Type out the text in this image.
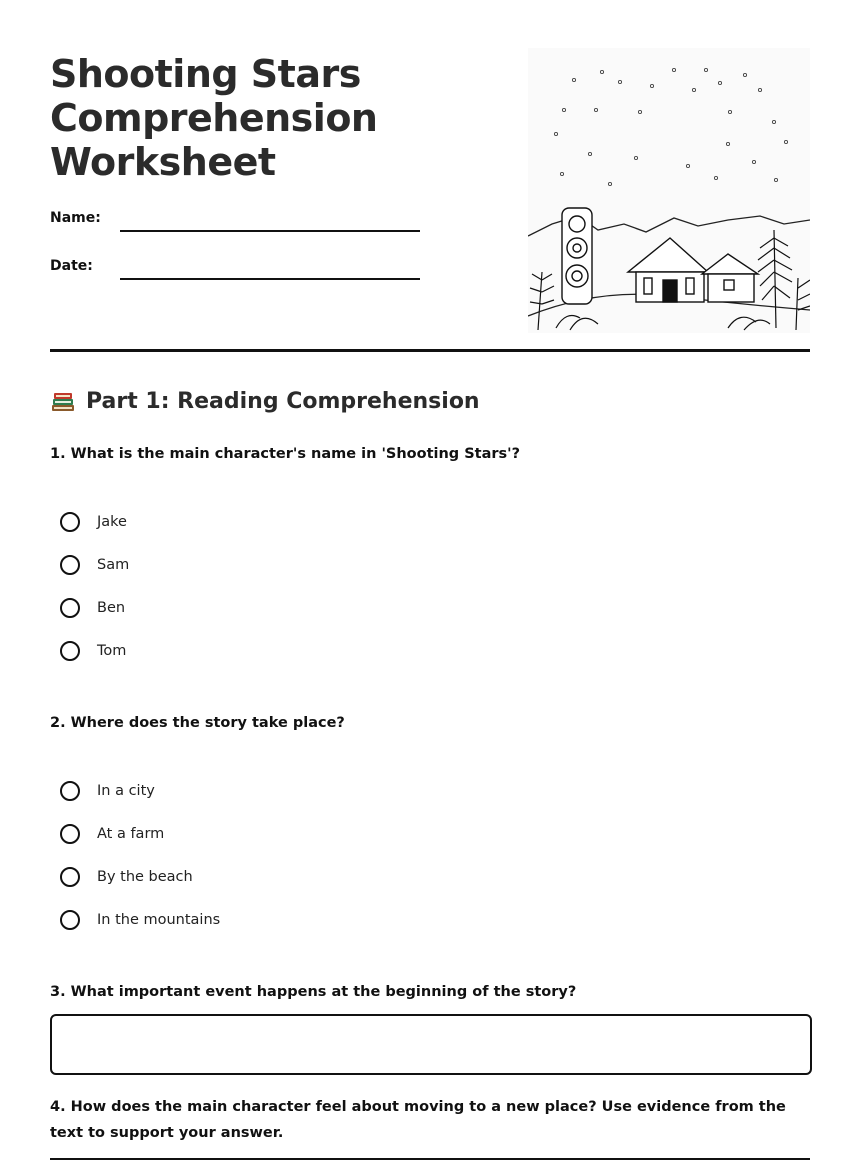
Shooting Stars Comprehension Worksheet
Name:
Date:
Part 1: Reading Comprehension
1. What is the main character's name in 'Shooting Stars'?
Jake
Sam
Ben
Tom
2. Where does the story take place?
In a city
At a farm
By the beach
In the mountains
3. What important event happens at the beginning of the story?
4. How does the main character feel about moving to a new place? Use evidence from the text to support your answer.
